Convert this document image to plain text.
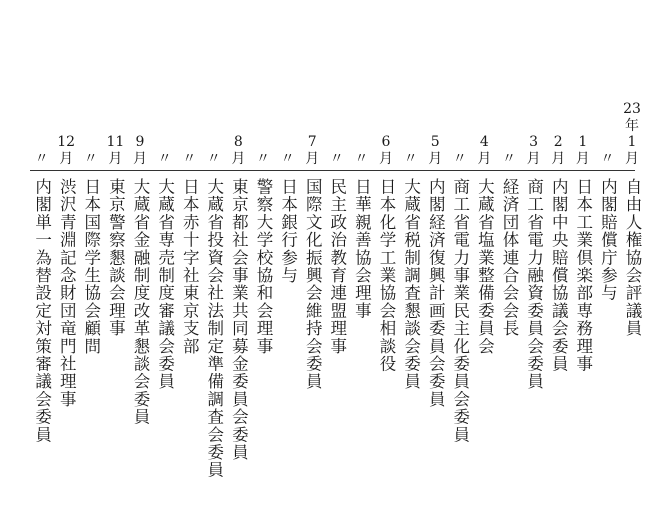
23
年
1
月
自由人権協会評議員
〃
内閣賠償庁参与
1
月
日本工業倶楽部専務理事
2
月
内閣中央賠償協議会委員
3
月
商工省電力融資委員会委員
〃
経済団体連合会会長
4
月
大蔵省塩業整備委員会
〃
商工省電力事業民主化委員会委員
5
月
内閣経済復興計画委員会委員
〃
大蔵省税制調査懇談会委員
6
月
日本化学工業協会相談役
〃
日華親善協会理事
〃
民主政治教育連盟理事
7
月
国際文化振興会維持会委員
〃
日本銀行参与
〃
警察大学校協和会理事
8
月
東京都社会事業共同募金委員会委員
〃
大蔵省投資会社法制定準備調査会委員
〃
日本赤十字社東京支部
〃
大蔵省専売制度審議会委員
9
月
大蔵省金融制度改革懇談会委員
11
月
東京警察懇談会理事
〃
日本国際学生協会顧問
12
月
渋沢青淵記念財団竜門社理事
〃
内閣単一為替設定対策審議会委員
